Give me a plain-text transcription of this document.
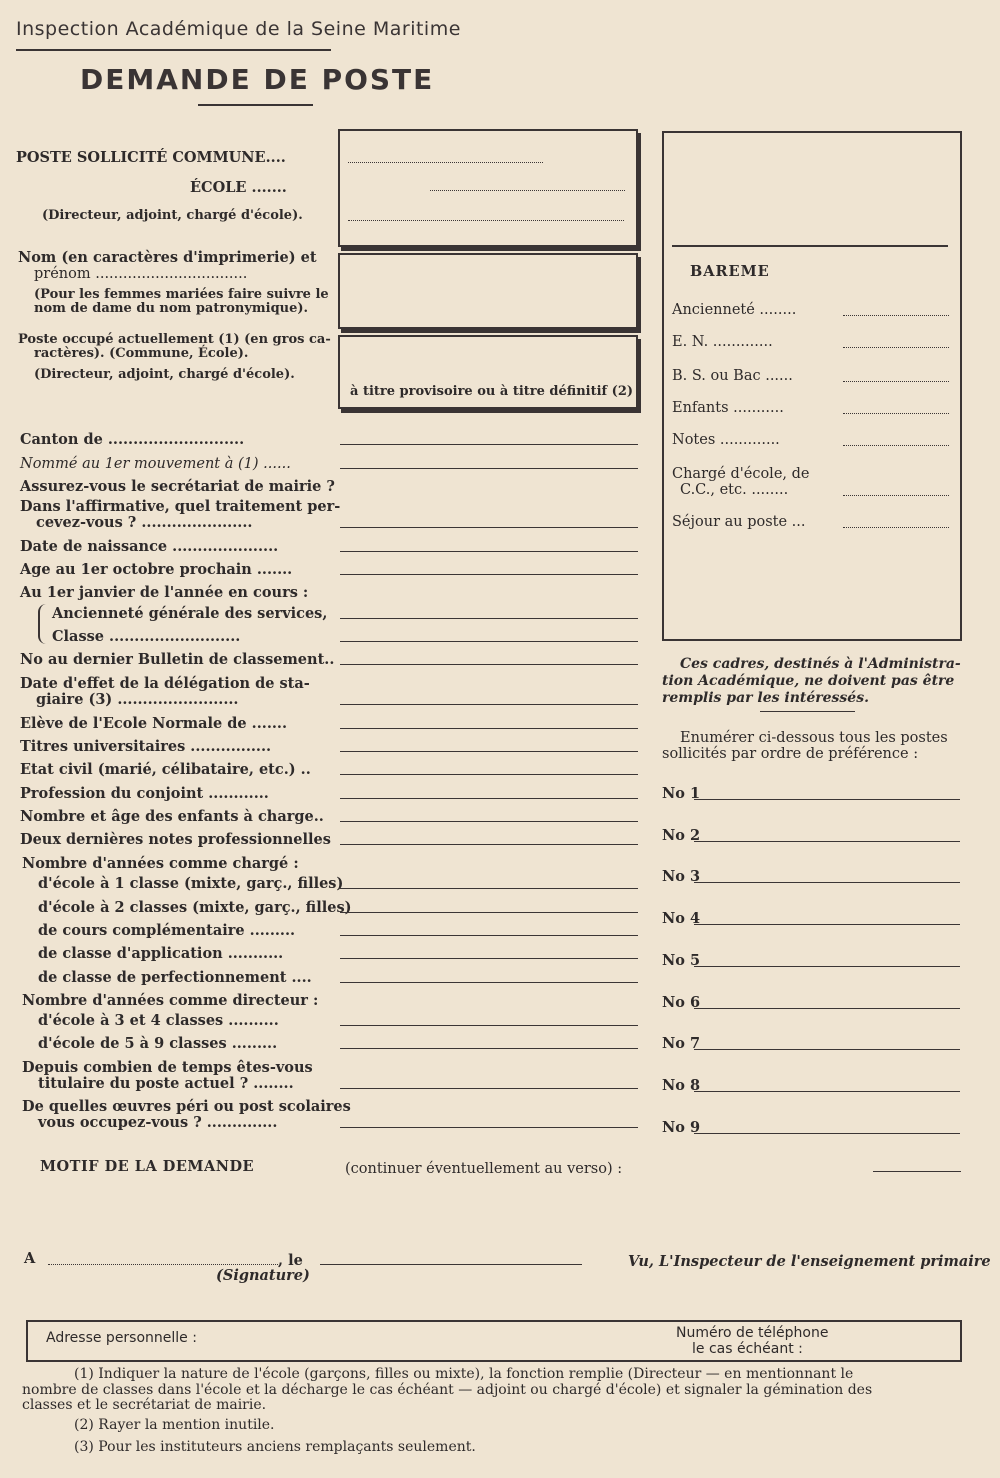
Inspection Académique de la Seine Maritime
DEMANDE DE POSTE
POSTE SOLLICITÉ COMMUNE....
ÉCOLE .......
(Directeur, adjoint, chargé d'école).
Nom (en caractères d'imprimerie) et
prénom .................................
(Pour les femmes mariées faire suivre le
nom de dame du nom patronymique).
Poste occupé actuellement (1) (en gros ca-
ractères). (Commune, École).
(Directeur, adjoint, chargé d'école).
à titre provisoire ou à titre définitif (2)
Canton de ...........................
Nommé au 1er mouvement à (1) ......
Assurez-vous le secrétariat de mairie ?
Dans l'affirmative, quel traitement per-
cevez-vous ? ......................
Date de naissance .....................
Age au 1er octobre prochain .......
Au 1er janvier de l'année en cours :
Ancienneté générale des services,
Classe ..........................
No au dernier Bulletin de classement..
Date d'effet de la délégation de sta-
giaire (3) ........................
Elève de l'Ecole Normale de .......
Titres universitaires ................
Etat civil (marié, célibataire, etc.) ..
Profession du conjoint ............
Nombre et âge des enfants à charge..
Deux dernières notes professionnelles
Nombre d'années comme chargé :
d'école à 1 classe (mixte, garç., filles)
d'école à 2 classes (mixte, garç., filles)
de cours complémentaire .........
de classe d'application ...........
de classe de perfectionnement ....
Nombre d'années comme directeur :
d'école à 3 et 4 classes ..........
d'école de 5 à 9 classes .........
Depuis combien de temps êtes-vous
titulaire du poste actuel ? ........
De quelles œuvres péri ou post scolaires
vous occupez-vous ? ..............
BAREME
Ancienneté ........
E. N. .............
B. S. ou Bac ......
Enfants ...........
Notes .............
Chargé d'école, de
C.C., etc. ........
Séjour au poste ...
Ces cadres, destinés à l'Administra-
tion Académique, ne doivent pas être
remplis par les intéressés.
Enumérer ci-dessous tous les postes
sollicités par ordre de préférence :
No 1
No 2
No 3
No 4
No 5
No 6
No 7
No 8
No 9
MOTIF DE LA DEMANDE	(continuer éventuellement au verso) :
A	, le
(Signature)
Vu, L'Inspecteur de l'enseignement primaire
Adresse personnelle :	Numéro de téléphone
le cas échéant :
(1) Indiquer la nature de l'école (garçons, filles ou mixte), la fonction remplie (Directeur — en mentionnant le
nombre de classes dans l'école et la décharge le cas échéant — adjoint ou chargé d'école) et signaler la gémination des
classes et le secrétariat de mairie.
(2) Rayer la mention inutile.
(3) Pour les instituteurs anciens remplaçants seulement.
